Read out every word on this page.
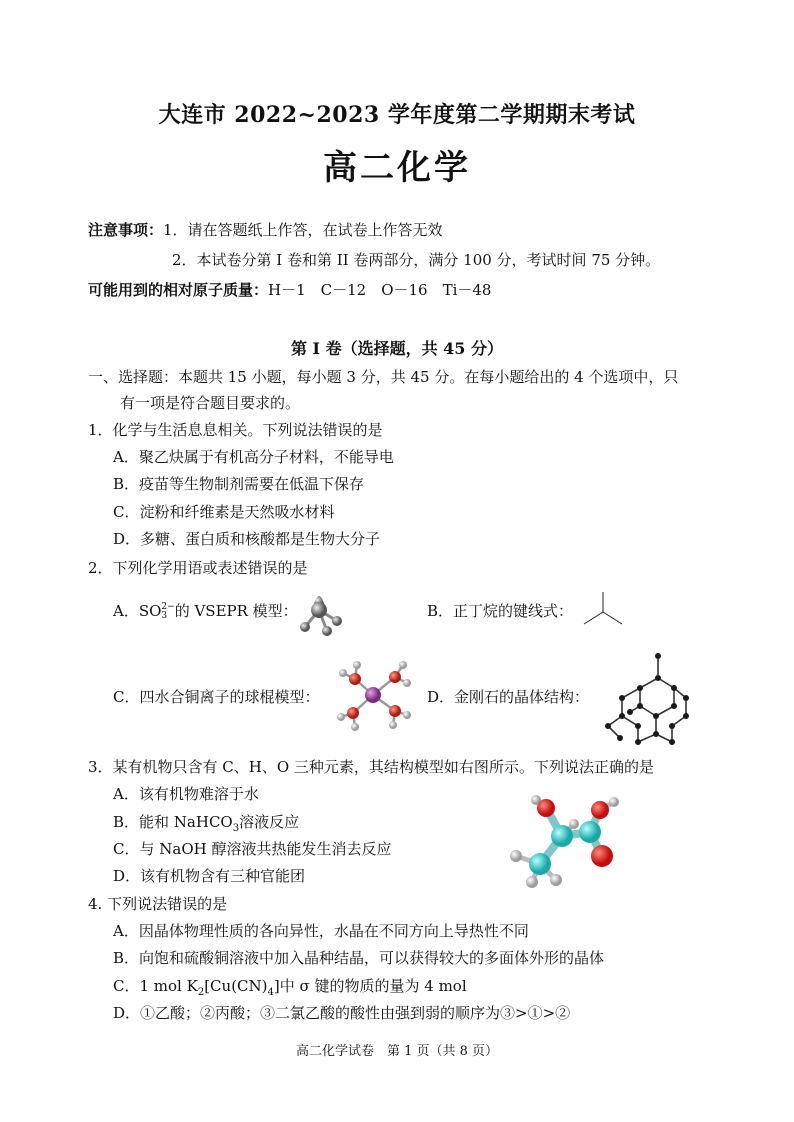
大连市 2022~2023 学年度第二学期期末考试
高二化学
注意事项：1．请在答题纸上作答，在试卷上作答无效
2．本试卷分第 I 卷和第 II 卷两部分，满分 100 分，考试时间 75 分钟。
可能用到的相对原子质量：H－1　C－12　O－16　Ti－48
第 I 卷（选择题，共 45 分）
一、选择题：本题共 15 小题，每小题 3 分，共 45 分。在每小题给出的 4 个选项中，只
有一项是符合题目要求的。
1．化学与生活息息相关。下列说法错误的是
A．聚乙炔属于有机高分子材料，不能导电
B．疫苗等生物制剂需要在低温下保存
C．淀粉和纤维素是天然吸水材料
D．多糖、蛋白质和核酸都是生物大分子
2．下列化学用语或表述错误的是
A．SO 2−
3 的 VSEPR 模型：	B．正丁烷的键线式：
C．四水合铜离子的球棍模型：	D．金刚石的晶体结构：
3．某有机物只含有 C、H、O 三种元素，其结构模型如右图所示。下列说法正确的是
A．该有机物难溶于水
B．能和 NaHCO$_3$溶液反应
C．与 NaOH 醇溶液共热能发生消去反应
D．该有机物含有三种官能团
4. 下列说法错误的是
A．因晶体物理性质的各向异性，水晶在不同方向上导热性不同
B．向饱和硫酸铜溶液中加入晶种结晶，可以获得较大的多面体外形的晶体
C．1 mol $K_2[Cu(CN)_4]$中 σ 键的物质的量为 4 mol
D．①乙酸；②丙酸；③二氯乙酸的酸性由强到弱的顺序为③>①>②
高二化学试卷　第 1 页（共 8 页）
